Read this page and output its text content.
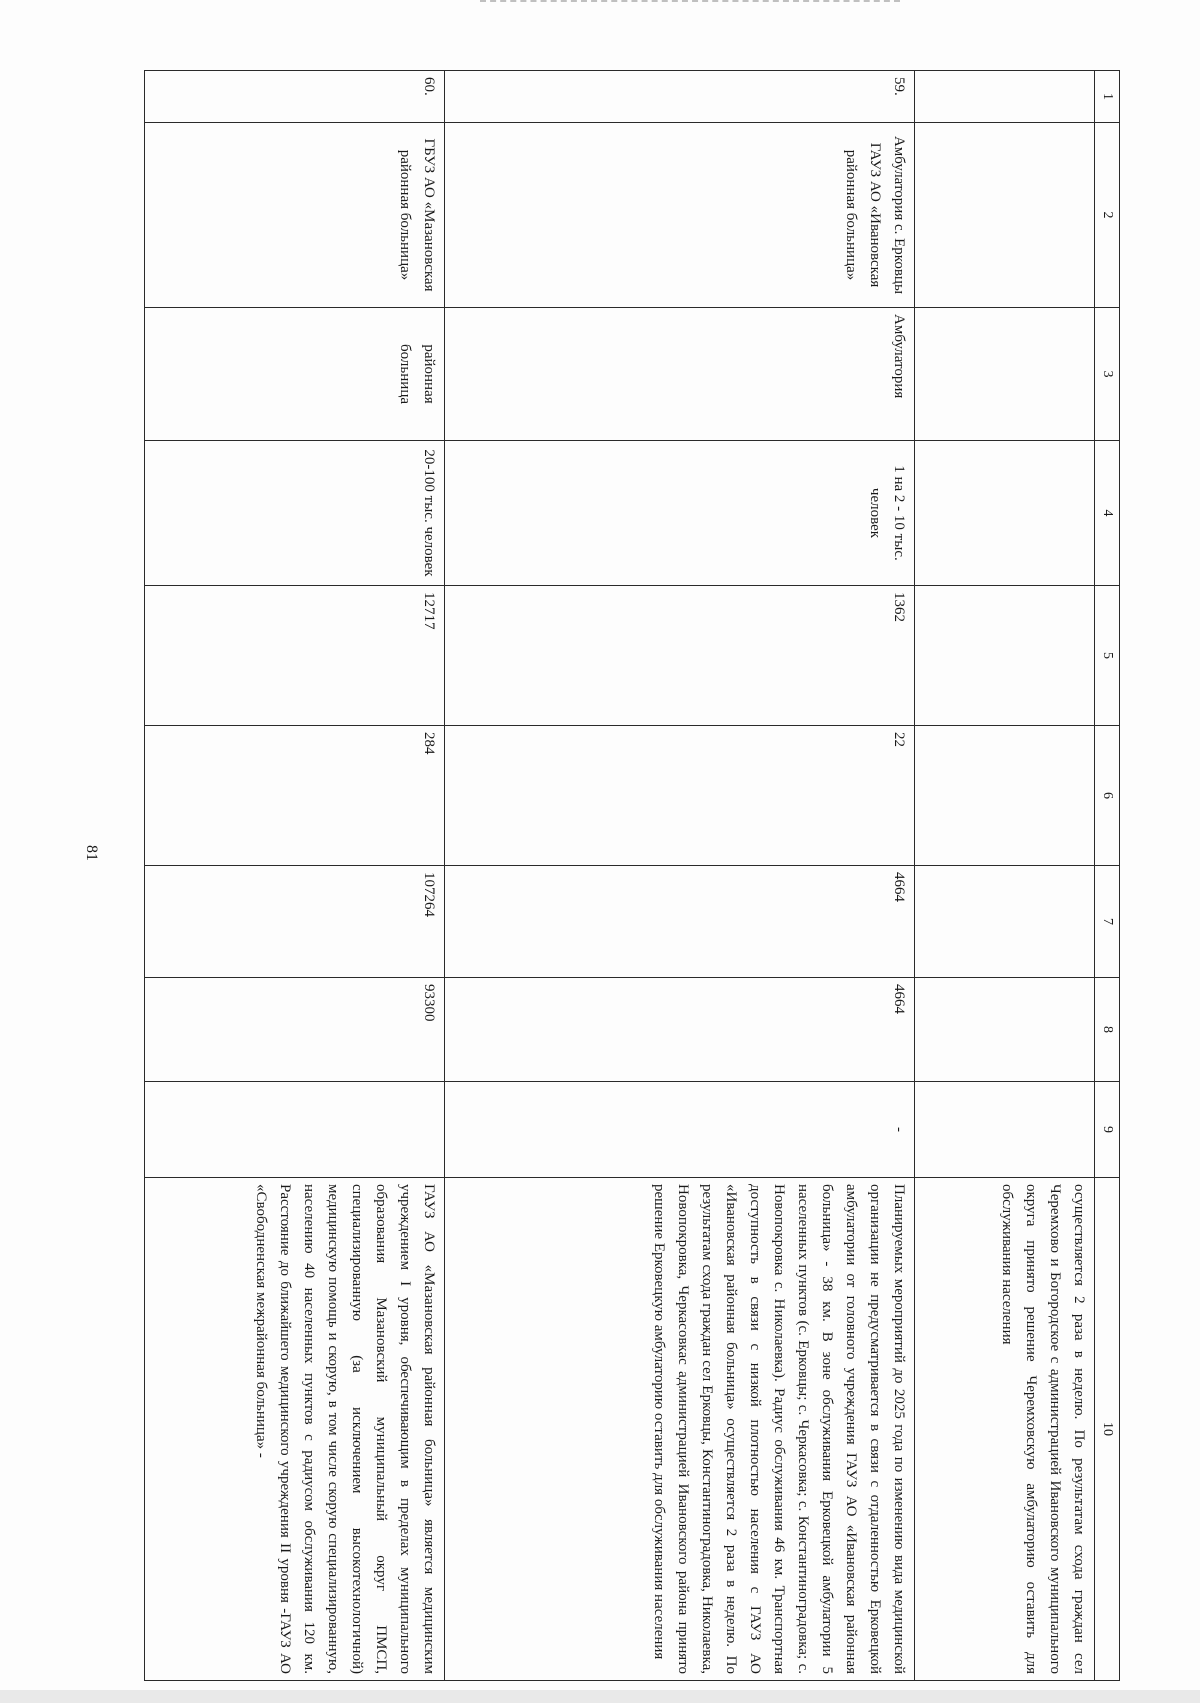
81
1	2	3	4	5	6	7	8	9	10
									осуществляется 2 раза в неделю. По результатам схода граждан сел Черемхово и Богородское с администрацией Ивановского муниципального округа принято решение Черемховскую амбулаторию оставить для обслуживания населения
59.	Амбулатория с. Ерковцы ГАУЗ АО «Ивановская районная больница»	Амбулатория	1 на 2 - 10 тыс. человек	1362	22	4664	4664	-	Планируемых мероприятий до 2025 года по изменению вида медицинской организации не предусматривается в связи с отдаленностью Ерковецкой амбулатории от головного учреждения ГАУЗ АО «Ивановская районная больница» - 38 км. В зоне обслуживания Ерковецкой амбулатории 5 населенных пунктов (с. Ерковцы; с. Черкасовка; с. Константиноградовка; с. Новопокровка с. Николаевка). Радиус обслуживания 46 км. Транспортная доступность в связи с низкой плотностью населения с ГАУЗ АО «Ивановская районная больница» осуществляется 2 раза в неделю. По результатам схода граждан сел Ерковцы, Константиноградовка, Николаевка, Новопокровка, Черкасовкас администрацией Ивановского района принято решение Ерковецкую амбулаторию оставить для обслуживания населения
60.	ГБУЗ АО «Мазановская районная больница»	районная больница	20-100 тыс. человек	12717	284	107264	93300		ГАУЗ АО «Мазановская районная больница» является медицинским учреждением I уровня, обеспечивающим в пределах муниципального образования Мазановский муниципальный округ ПМСП, специализированную (за исключением высокотехнологичной) медицинскую помощь и скорую, в том числе скорую специализированную, населению 40 населенных пунктов с радиусом обслуживания 120 км. Расстояние до ближайшего медицинского учреждения II уровня -ГАУЗ АО «Свободненская межрайонная больница» -
